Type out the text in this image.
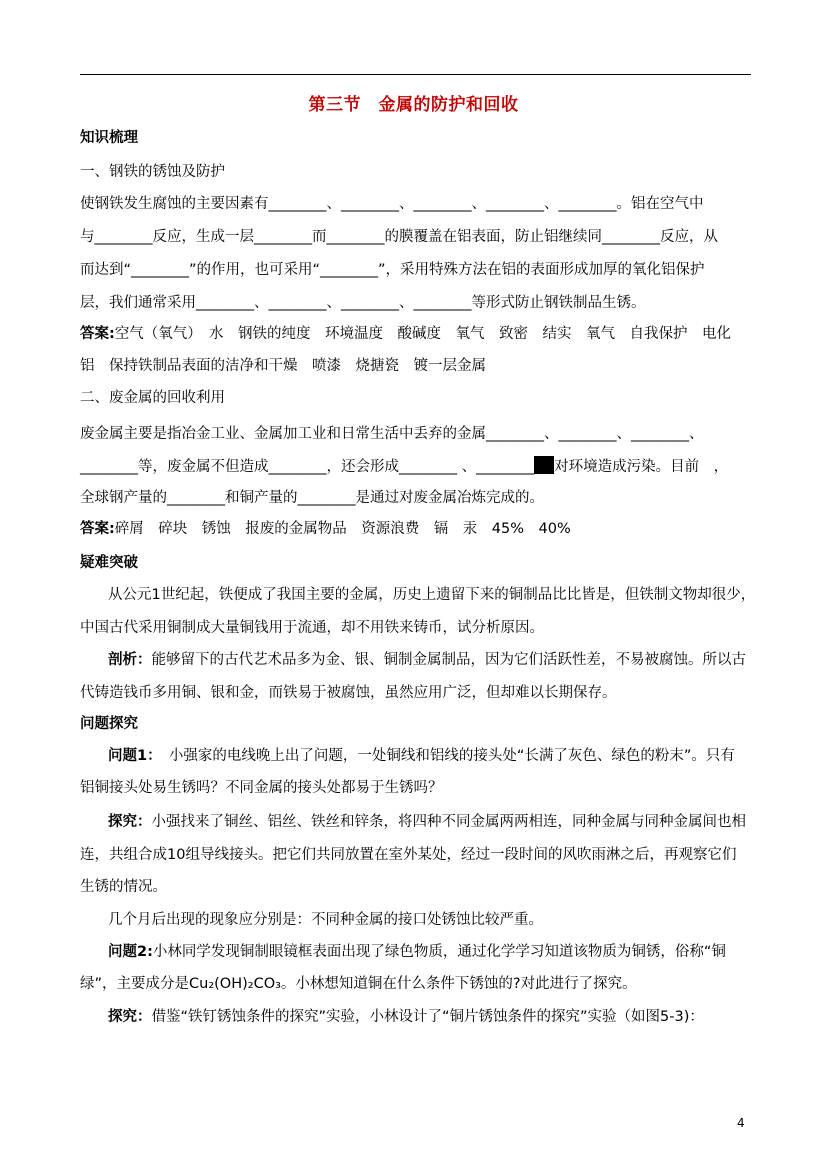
第三节　金属的防护和回收
知识梳理
一、钢铁的锈蚀及防护
使钢铁发生腐蚀的主要因素有________、________、________、________、________。铝在空气中
与________反应，生成一层________而________的膜覆盖在铝表面，防止铝继续同________反应，从
而达到“________”的作用，也可采用“________”，采用特殊方法在铝的表面形成加厚的氧化铝保护
层，我们通常采用________、________、________、________等形式防止钢铁制品生锈。
答案:空气（氧气）　水　钢铁的纯度　环境温度　酸碱度　氧气　致密　结实　氧气　自我保护　电化
铝　保持铁制品表面的洁净和干燥　喷漆　烧搪瓷　镀一层金属
二、废金属的回收利用
废金属主要是指冶金工业、金属加工业和日常生活中丢弃的金属________、________、________、
________等，废金属不但造成________，还会形成________ 、________ 对环境造成污染。目前　，
全球钢产量的________和铜产量的________是通过对废金属冶炼完成的。
答案:碎屑　碎块　锈蚀　报废的金属物品　资源浪费　镉　汞　45%　40%
疑难突破
从公元1世纪起，铁便成了我国主要的金属，历史上遗留下来的铜制品比比皆是，但铁制文物却很少，
中国古代采用铜制成大量铜钱用于流通，却不用铁来铸币，试分析原因。
剖析：能够留下的古代艺术品多为金、银、铜制金属制品，因为它们活跃性差，不易被腐蚀。所以古
代铸造钱币多用铜、银和金，而铁易于被腐蚀，虽然应用广泛，但却难以长期保存。
问题探究
问题1：　小强家的电线晚上出了问题，一处铜线和铝线的接头处“长满了灰色、绿色的粉末”。只有
铝铜接头处易生锈吗？不同金属的接头处都易于生锈吗？
探究：小强找来了铜丝、铝丝、铁丝和锌条，将四种不同金属两两相连，同种金属与同种金属间也相
连，共组合成10组导线接头。把它们共同放置在室外某处，经过一段时间的风吹雨淋之后，再观察它们
生锈的情况。
几个月后出现的现象应分别是：不同种金属的接口处锈蚀比较严重。
问题2:小林同学发现铜制眼镜框表面出现了绿色物质，通过化学学习知道该物质为铜锈，俗称“铜
绿”，主要成分是Cu₂(OH)₂CO₃。小林想知道铜在什么条件下锈蚀的?对此进行了探究。
探究：借鉴“铁钉锈蚀条件的探究”实验，小林设计了“铜片锈蚀条件的探究”实验（如图5-3)：
4
